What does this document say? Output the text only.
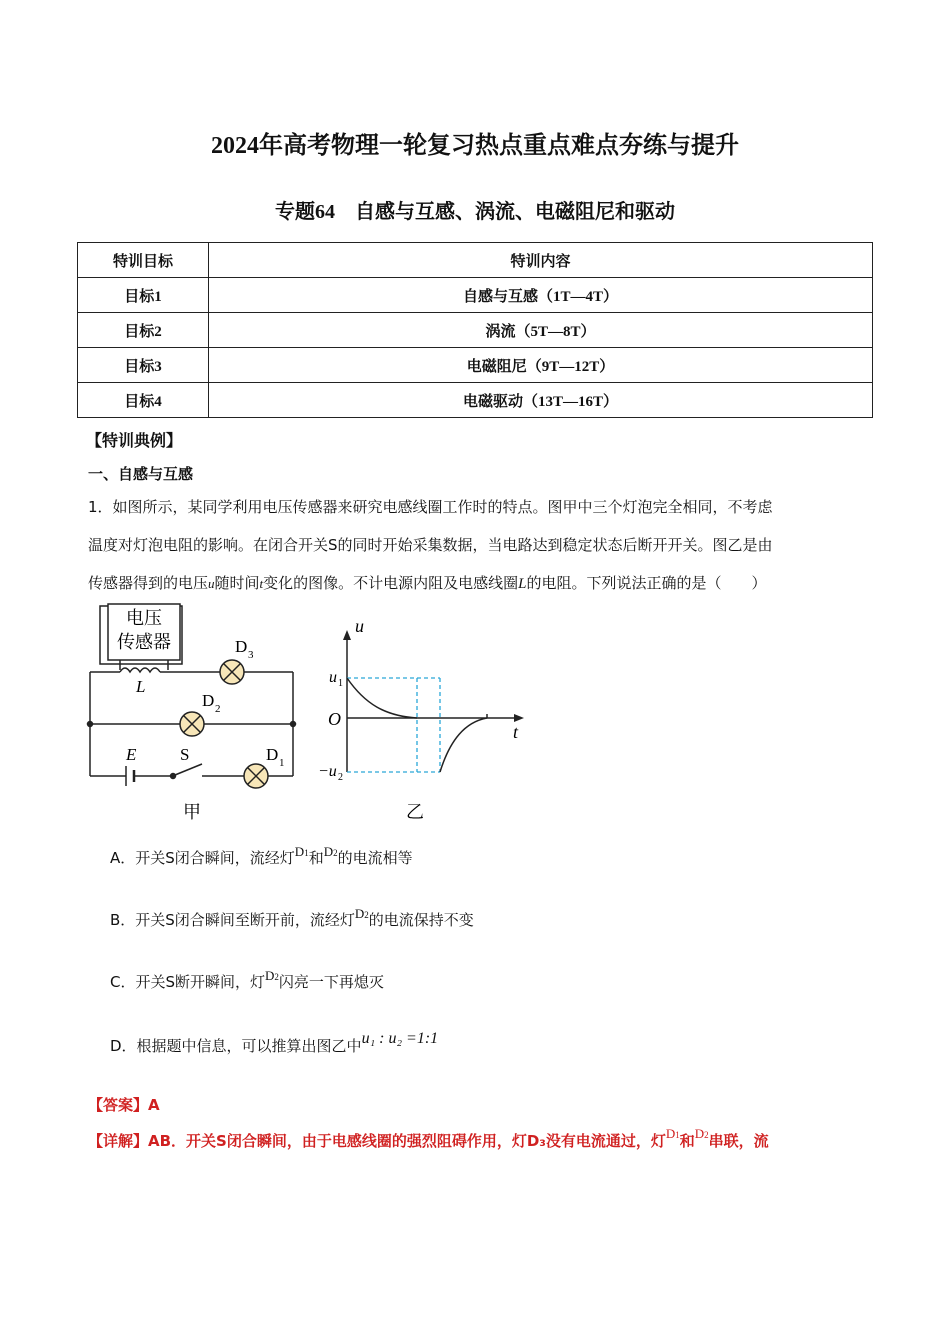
2024年高考物理一轮复习热点重点难点夯练与提升
专题64　自感与互感、涡流、电磁阻尼和驱动
特训目标	特训内容
目标1	自感与互感（1T—4T）
目标2	涡流（5T—8T）
目标3	电磁阻尼（9T—12T）
目标4	电磁驱动（13T—16T）
【特训典例】
一、自感与互感
1．如图所示，某同学利用电压传感器来研究电感线圈工作时的特点。图甲中三个灯泡完全相同，不考虑
温度对灯泡电阻的影响。在闭合开关S的同时开始采集数据，当电路达到稳定状态后断开开关。图乙是由
传感器得到的电压u随时间t变化的图像。不计电源内阻及电感线圈L的电阻。下列说法正确的是（　　）
电压
传感器
L
D 3
D 2
E	S	D 1
甲
u
u 1
O
t
−u 2
乙
A．开关S闭合瞬间，流经灯D1和D2的电流相等
B．开关S闭合瞬间至断开前，流经灯D2的电流保持不变
C．开关S断开瞬间，灯D2闪亮一下再熄灭
D．根据题中信息，可以推算出图乙中u₁ : u₂ =1:1
【答案】A
【详解】AB．开关S闭合瞬间，由于电感线圈的强烈阻碍作用，灯D₃没有电流通过，灯D1和D2串联，流
